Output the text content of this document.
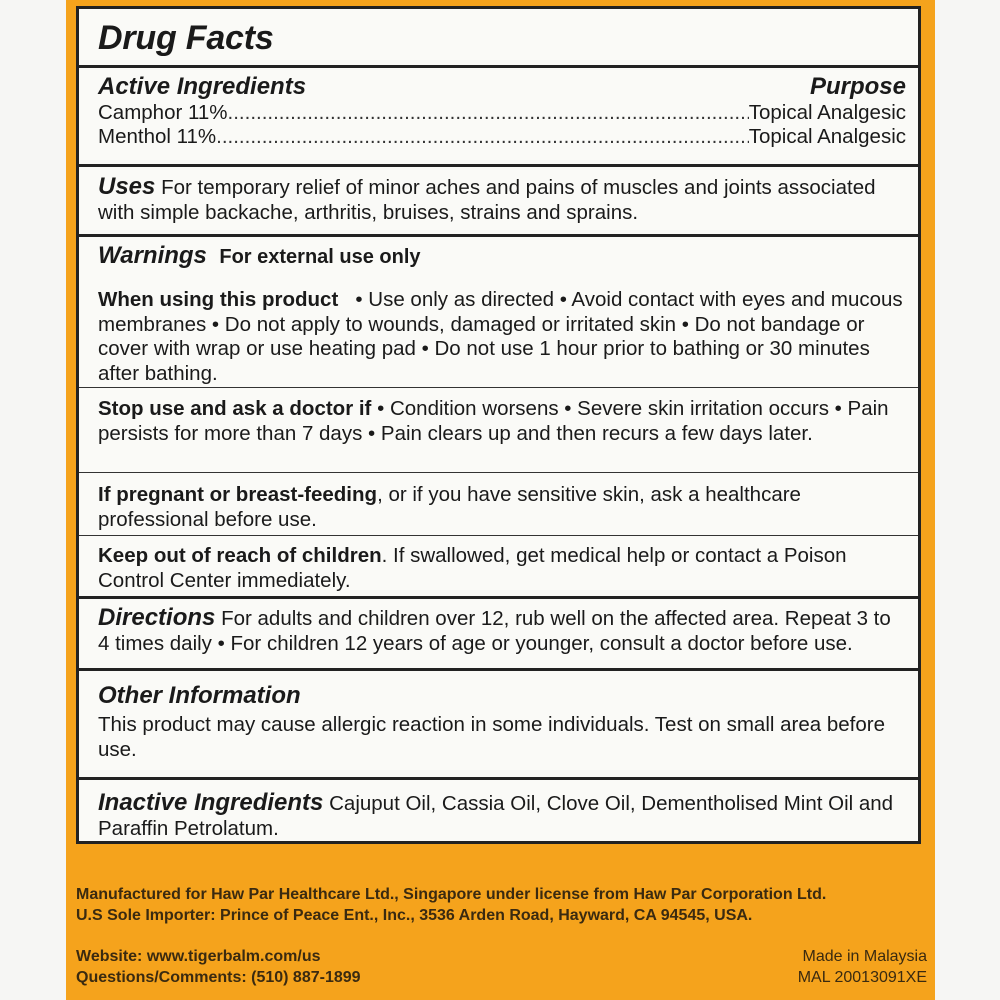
Drug Facts
Active Ingredients	Purpose
Camphor 11% .....	Topical Analgesic
Menthol 11% .....	Topical Analgesic
Uses For temporary relief of minor aches and pains of muscles and joints associated with simple backache, arthritis, bruises, strains and sprains.
Warnings For external use only
When using this product • Use only as directed • Avoid contact with eyes and mucous membranes • Do not apply to wounds, damaged or irritated skin • Do not bandage or cover with wrap or use heating pad • Do not use 1 hour prior to bathing or 30 minutes after bathing.
Stop use and ask a doctor if • Condition worsens • Severe skin irritation occurs • Pain persists for more than 7 days • Pain clears up and then recurs a few days later.
If pregnant or breast-feeding, or if you have sensitive skin, ask a healthcare professional before use.
Keep out of reach of children. If swallowed, get medical help or contact a Poison Control Center immediately.
Directions For adults and children over 12, rub well on the affected area. Repeat 3 to 4 times daily • For children 12 years of age or younger, consult a doctor before use.
Other Information
This product may cause allergic reaction in some individuals. Test on small area before use.
Inactive Ingredients Cajuput Oil, Cassia Oil, Clove Oil, Dementholised Mint Oil and Paraffin Petrolatum.
Manufactured for Haw Par Healthcare Ltd., Singapore under license from Haw Par Corporation Ltd.
U.S Sole Importer: Prince of Peace Ent., Inc., 3536 Arden Road, Hayward, CA 94545, USA.
Website: www.tigerbalm.com/us
Questions/Comments: (510) 887-1899
Made in Malaysia
MAL 20013091XE
